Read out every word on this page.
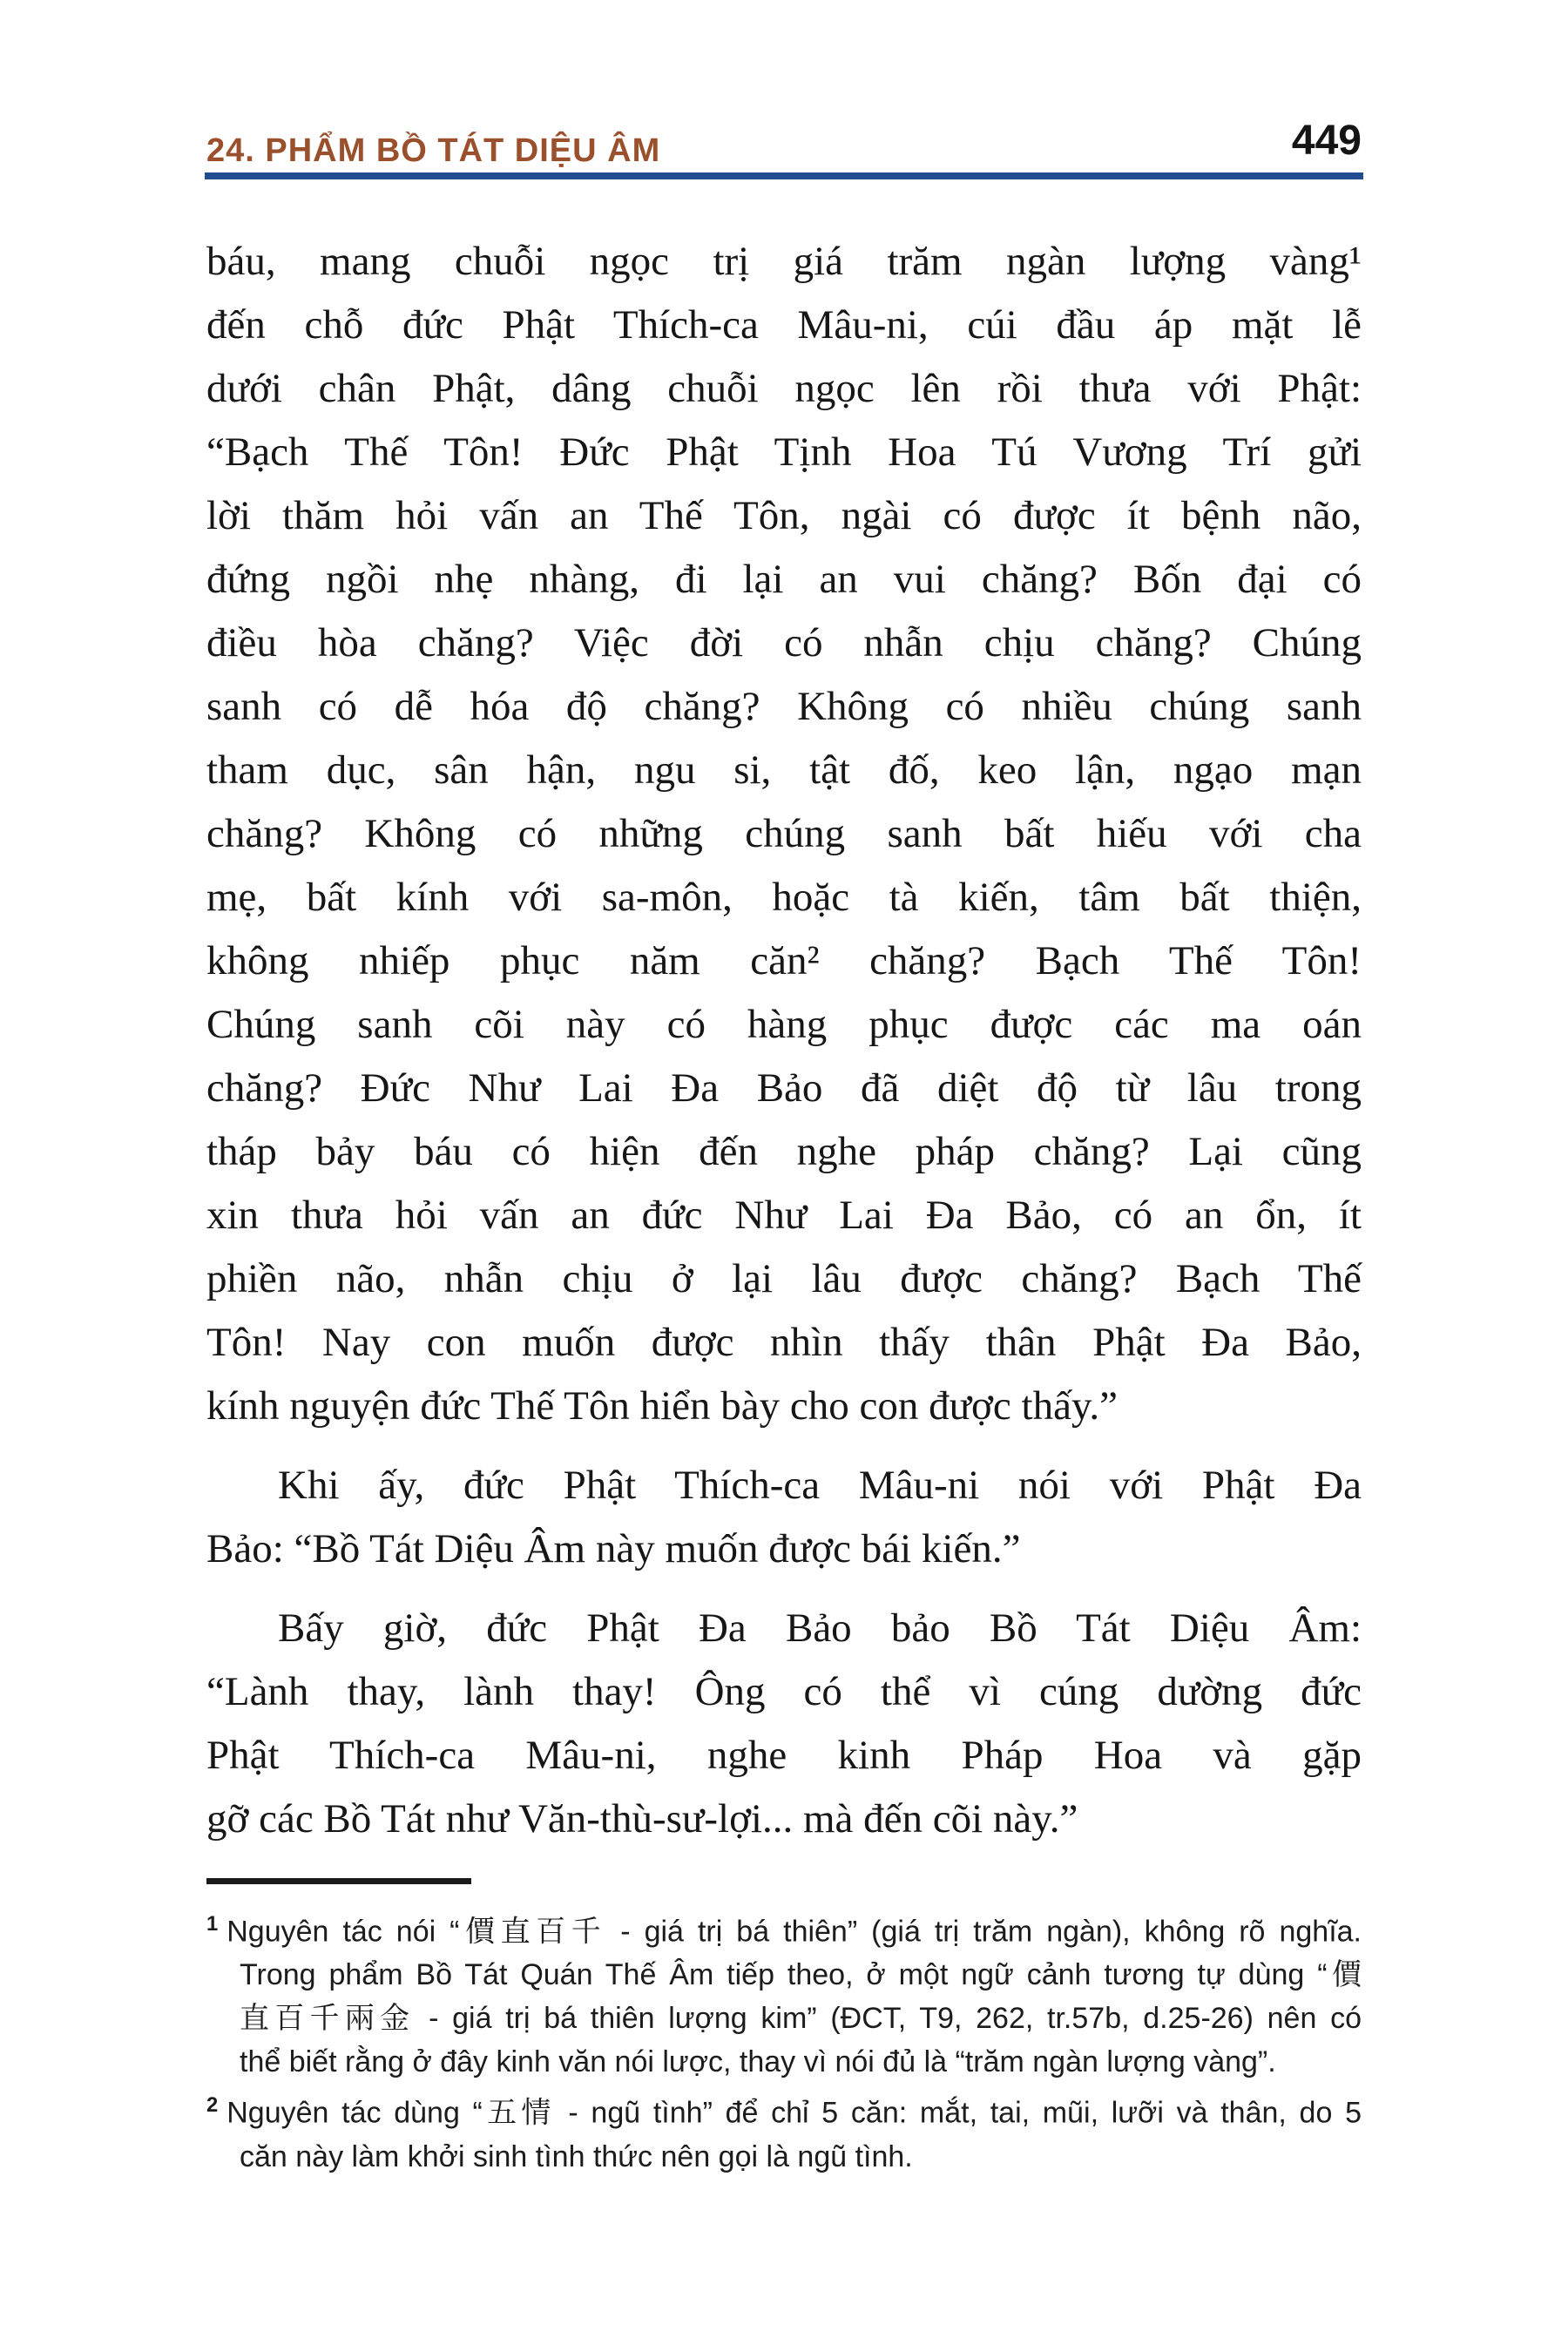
24. PHẨM BỒ TÁT DIỆU ÂM	449
báu, mang chuỗi ngọc trị giá trăm ngàn lượng vàng¹
đến chỗ đức Phật Thích-ca Mâu-ni, cúi đầu áp mặt lễ
dưới chân Phật, dâng chuỗi ngọc lên rồi thưa với Phật:
“Bạch Thế Tôn! Đức Phật Tịnh Hoa Tú Vương Trí gửi
lời thăm hỏi vấn an Thế Tôn, ngài có được ít bệnh não,
đứng ngồi nhẹ nhàng, đi lại an vui chăng? Bốn đại có
điều hòa chăng? Việc đời có nhẫn chịu chăng? Chúng
sanh có dễ hóa độ chăng? Không có nhiều chúng sanh
tham dục, sân hận, ngu si, tật đố, keo lận, ngạo mạn
chăng? Không có những chúng sanh bất hiếu với cha
mẹ, bất kính với sa-môn, hoặc tà kiến, tâm bất thiện,
không nhiếp phục năm căn² chăng? Bạch Thế Tôn!
Chúng sanh cõi này có hàng phục được các ma oán
chăng? Đức Như Lai Đa Bảo đã diệt độ từ lâu trong
tháp bảy báu có hiện đến nghe pháp chăng? Lại cũng
xin thưa hỏi vấn an đức Như Lai Đa Bảo, có an ổn, ít
phiền não, nhẫn chịu ở lại lâu được chăng? Bạch Thế
Tôn! Nay con muốn được nhìn thấy thân Phật Đa Bảo,
kính nguyện đức Thế Tôn hiển bày cho con được thấy.”
Khi ấy, đức Phật Thích-ca Mâu-ni nói với Phật Đa
Bảo: “Bồ Tát Diệu Âm này muốn được bái kiến.”
Bấy giờ, đức Phật Đa Bảo bảo Bồ Tát Diệu Âm:
“Lành thay, lành thay! Ông có thể vì cúng dường đức
Phật Thích-ca Mâu-ni, nghe kinh Pháp Hoa và gặp
gỡ các Bồ Tát như Văn-thù-sư-lợi... mà đến cõi này.”
$^1$ Nguyên tác nói “價直百千 - giá trị bá thiên” (giá trị trăm ngàn), không rõ nghĩa.
Trong phẩm Bồ Tát Quán Thế Âm tiếp theo, ở một ngữ cảnh tương tự dùng “價
直百千兩金 - giá trị bá thiên lượng kim” (ĐCT, T9, 262, tr.57b, d.25-26) nên có
thể biết rằng ở đây kinh văn nói lược, thay vì nói đủ là “trăm ngàn lượng vàng”.
$^2$ Nguyên tác dùng “五情 - ngũ tình” để chỉ 5 căn: mắt, tai, mũi, lưỡi và thân, do 5
căn này làm khởi sinh tình thức nên gọi là ngũ tình.
